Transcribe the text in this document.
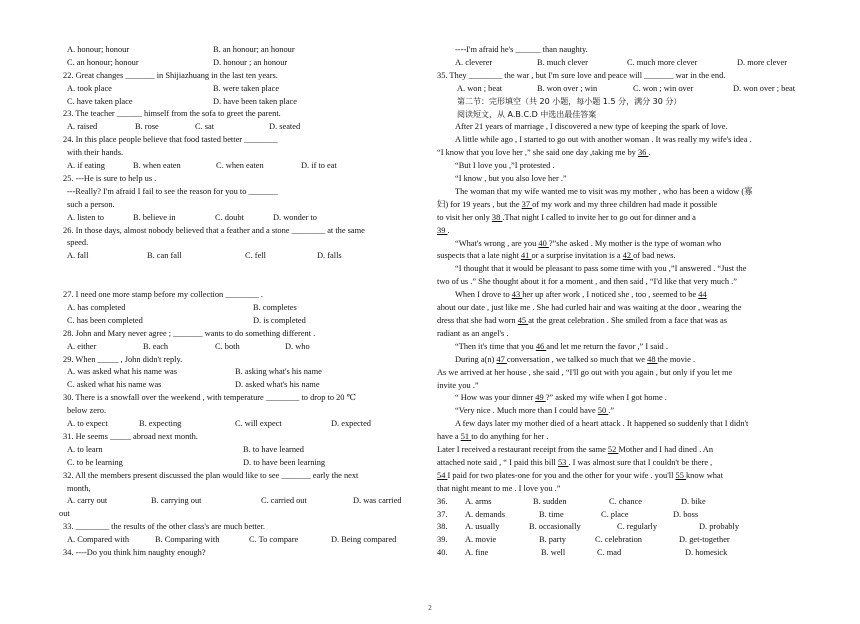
A. honour; honour	B. an honour; an honour
C. an honour; honour	D. honour ; an honour
22. Great changes _______ in Shijiazhuang in the last ten years.
A. took place	B. were taken place
C. have taken place	D. have been taken place
23. The teacher ______ himself from the sofa to greet the parent.
A. raised	B. rose	C. sat	D. seated
24. In this place people believe that food tasted better ________
with their hands.
A. if eating	B. when eaten	C. when eaten	D. if to eat
25. ---He is sure to help us .
---Really? I'm afraid I fail to see the reason for you to _______
such a person.
A. listen to	B. believe in	C. doubt	D. wonder to
26. In those days, almost nobody believed that a feather and a stone ________ at the same
speed.
A. fall	B. can fall	C. fell	D. falls
27. I need one more stamp before my collection ________ .
A. has completed	B. completes
C. has been completed	D. is completed
28. John and Mary never agree ; _______ wants to do something different .
A. either	B. each	C. both	D. who
29. When _____ , John didn't reply.
A. was asked what his name was	B. asking what's his name
C. asked what his name was	D. asked what's his name
30. There is a snowfall over the weekend , with temperature ________ to drop to 20 ℃
below zero.
A. to expect	B. expecting	C. will expect	D. expected
31. He seems _____ abroad next month.
A. to learn	B. to have learned
C. to be learning	D. to have been learning
32. All the members present discussed the plan would like to see _______ early the next
month,
A. carry out	B. carrying out	C. carried out	D. was carried
out
33. ________ the results of the other class's are much better.
A. Compared with	B. Comparing with	C. To compare	D. Being compared
34. ----Do you think him naughty enough?
----I'm afraid he's ______ than naughty.
A. cleverer	B. much clever	C. much more clever	D. more clever
35. They ________ the war , but I'm sure love and peace will _______ war in the end.
A. won ; beat	B. won over ; win	C. won ; win over	D. won over ; beat
第二节：完形填空（共 20 小题，每小题 1.5 分，满分 30 分）
阅读短文，从 A.B.C.D 中选出最佳答案
After 21 years of marriage , I discovered a new type of keeping the spark of love.
A little while ago , I started to go out with another woman . It was really my wife's idea .
“I know that you love her ,” she said one day ,taking me by 36 .
“But I love you ,”I protested .
“I know , but you also love her .”
The woman that my wife wanted me to visit was my mother , who has been a widow (寡
妇) for 19 years , but the 37 of my work and my three children had made it possible
to visit her only 38 .That night I called to invite her to go out for dinner and a
39 .
“What's wrong , are you 40 ?”she asked . My mother is the type of woman who
suspects that a late night 41 or a surprise invitation is a 42 of bad news.
“I thought that it would be pleasant to pass some time with you ,”I answered . “Just the
two of us .” She thought about it for a moment , and then said , “I'd like that very much .”
When I drove to 43 her up after work , I noticed she , too , seemed to be 44
about our date , just like me . She had curled hair and was waiting at the door , wearing the
dress that she had worn 45 at the great celebration . She smiled from a face that was as
radiant as an angel's .
“Then it's time that you 46 and let me return the favor ,” I said .
During a(n) 47 conversation , we talked so much that we 48 the movie .
As we arrived at her house , she said , “I'll go out with you again , but only if you let me
invite you .”
“ How was your dinner 49 ?” asked my wife when I got home .
“Very nice . Much more than I could have 50 .”
A few days later my mother died of a heart attack . It happened so suddenly that I didn't
have a 51 to do anything for her .
Later I received a restaurant receipt from the same 52 Mother and I had dined . An
attached note said , “ I paid this bill 53 . I was almost sure that I couldn't be there ,
54 I paid for two plates-one for you and the other for your wife . you'll 55 know what
that night meant to me . I love you .”
36. A. arms	B. sudden	C. chance	D. bike
37. A. demands	B. time	C. place	D. boss
38. A. usually	B. occasionally	C. regularly	D. probably
39. A. movie	B. party	C. celebration	D. get-together
40. A. fine	B. well	C. mad	D. homesick
2
